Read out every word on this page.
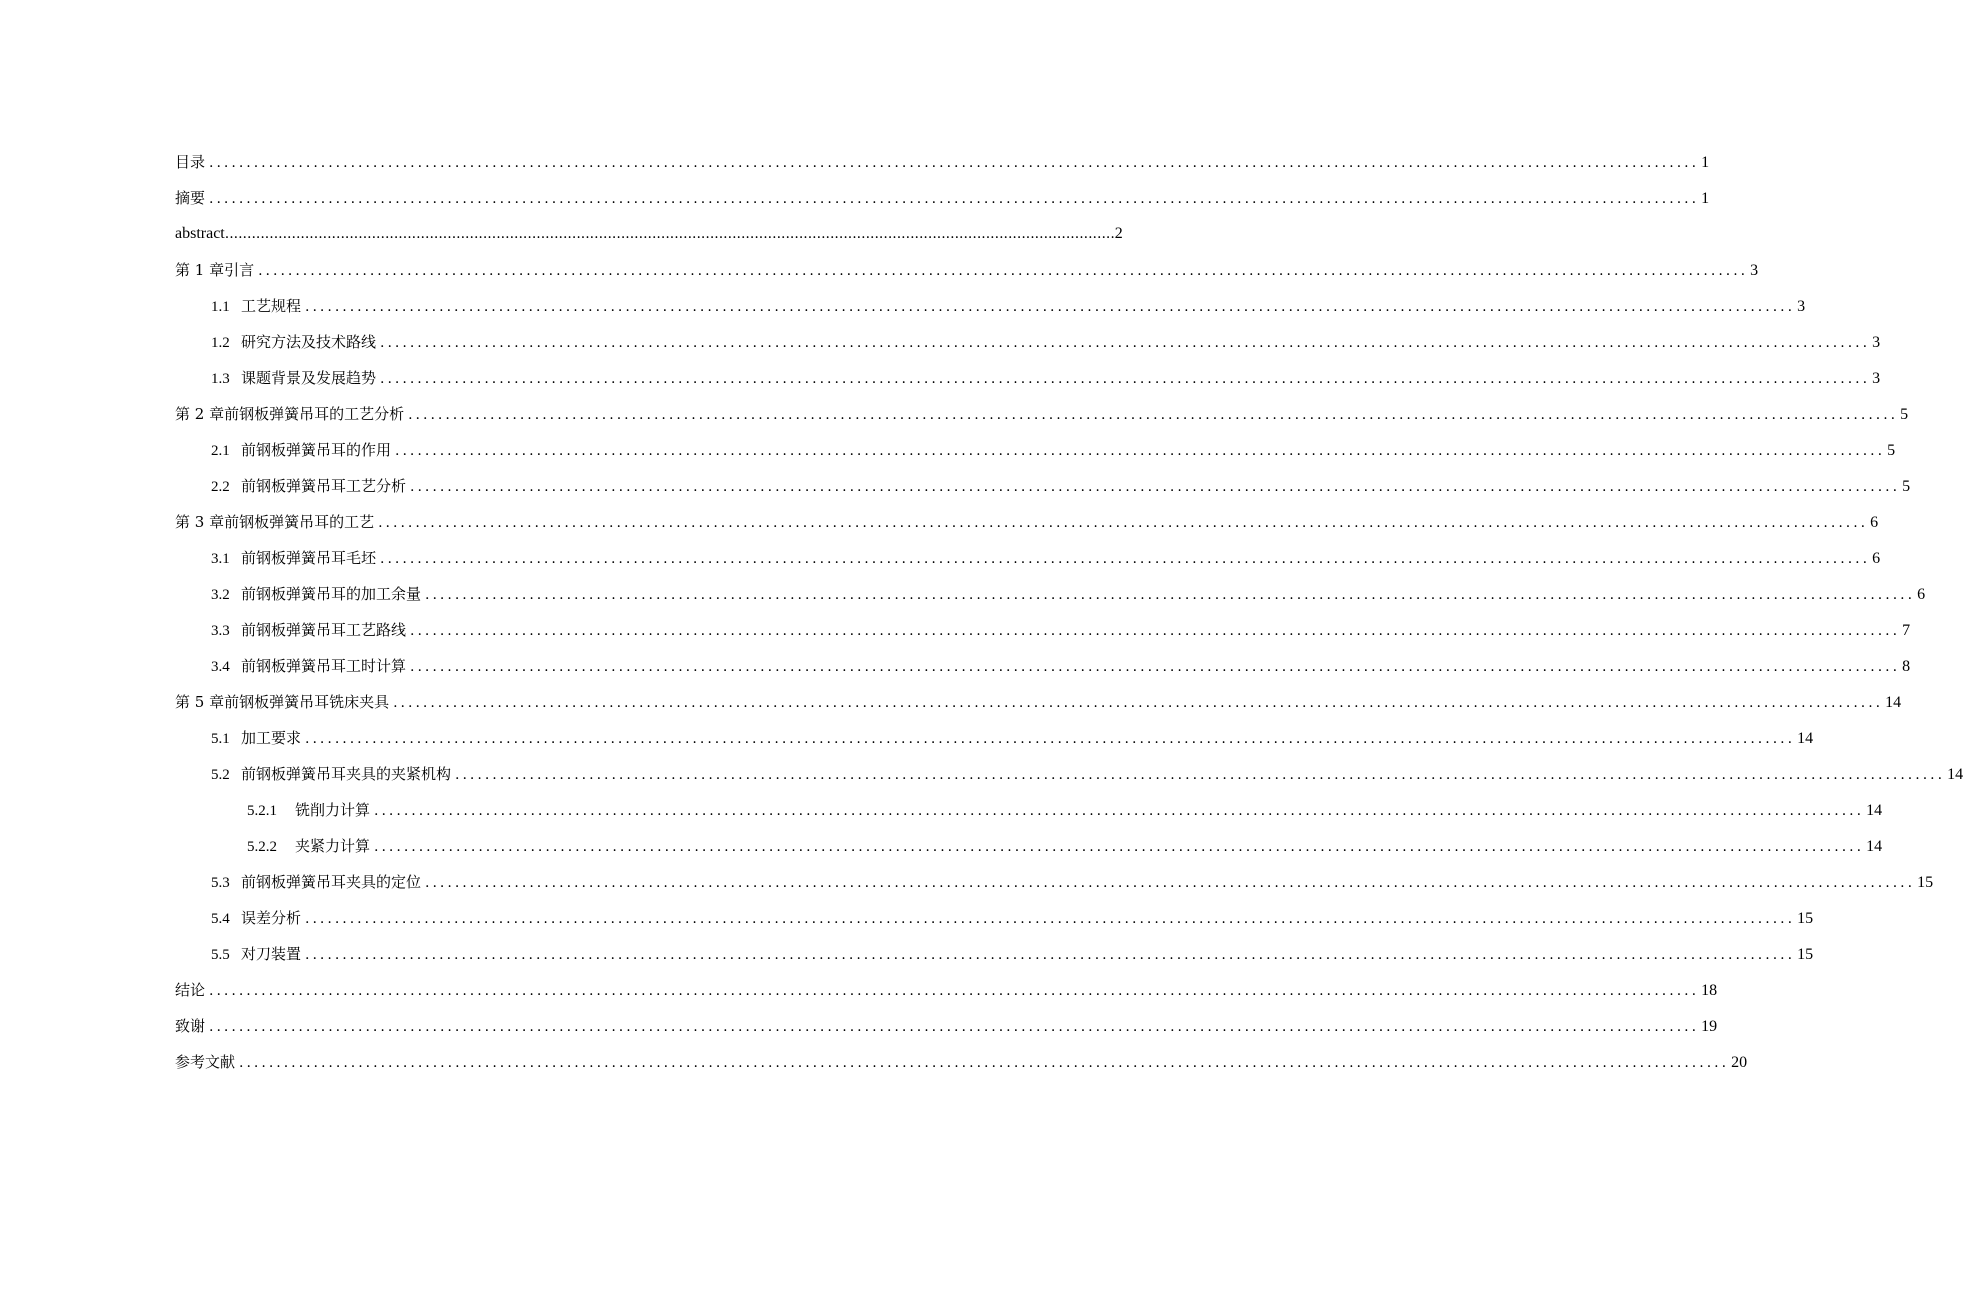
目录 ........................................................................................................................................................................................................ 1
摘要 ........................................................................................................................................................................................................ 1
abstract ........................................................................................................................................................................................................ 2
第 1 章引言 ........................................................................................................................................................................................................ 3
1.1 工艺规程 ........................................................................................................................................................................................................ 3
1.2 研究方法及技术路线 ........................................................................................................................................................................................................ 3
1.3 课题背景及发展趋势 ........................................................................................................................................................................................................ 3
第 2 章前钢板弹簧吊耳的工艺分析 ........................................................................................................................................................................................................ 5
2.1 前钢板弹簧吊耳的作用 ........................................................................................................................................................................................................ 5
2.2 前钢板弹簧吊耳工艺分析 ........................................................................................................................................................................................................ 5
第 3 章前钢板弹簧吊耳的工艺 ........................................................................................................................................................................................................ 6
3.1 前钢板弹簧吊耳毛坯 ........................................................................................................................................................................................................ 6
3.2 前钢板弹簧吊耳的加工余量 ........................................................................................................................................................................................................ 6
3.3 前钢板弹簧吊耳工艺路线 ........................................................................................................................................................................................................ 7
3.4 前钢板弹簧吊耳工时计算 ........................................................................................................................................................................................................ 8
第 5 章前钢板弹簧吊耳铣床夹具 ........................................................................................................................................................................................................ 14
5.1 加工要求 ........................................................................................................................................................................................................ 14
5.2 前钢板弹簧吊耳夹具的夹紧机构 ........................................................................................................................................................................................................ 14
5.2.1	铣削力计算 ........................................................................................................................................................................................................ 14
5.2.2	夹紧力计算 ........................................................................................................................................................................................................ 14
5.3 前钢板弹簧吊耳夹具的定位 ........................................................................................................................................................................................................ 15
5.4 误差分析 ........................................................................................................................................................................................................ 15
5.5 对刀装置 ........................................................................................................................................................................................................ 15
结论 ........................................................................................................................................................................................................ 18
致谢 ........................................................................................................................................................................................................ 19
参考文献 ........................................................................................................................................................................................................ 20
